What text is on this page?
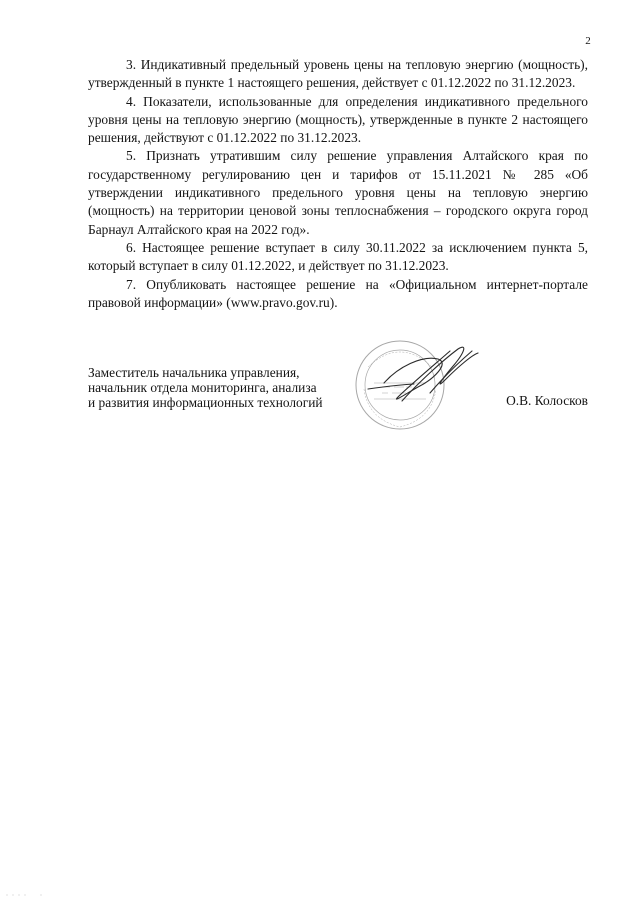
2

3. Индикативный предельный уровень цены на тепловую энергию (мощность), утвержденный в пункте 1 настоящего решения, действует с 01.12.2022 по 31.12.2023.

4. Показатели, использованные для определения индикативного предельного уровня цены на тепловую энергию (мощность), утвержденные в пункте 2 настоящего решения, действуют с 01.12.2022 по 31.12.2023.

5. Признать утратившим силу решение управления Алтайского края по государственному регулированию цен и тарифов от 15.11.2021 № 285 «Об утверждении индикативного предельного уровня цены на тепловую энергию (мощность) на территории ценовой зоны теплоснабжения – городского округа город Барнаул Алтайского края на 2022 год».

6. Настоящее решение вступает в силу 30.11.2022 за исключением пункта 5, который вступает в силу 01.12.2022, и действует по 31.12.2023.

7. Опубликовать настоящее решение на «Официальном интернет-портале правовой информации» (www.pravo.gov.ru).

Заместитель начальника управления,
начальник отдела мониторинга, анализа
и развития информационных технологий	О.В. Колосков
